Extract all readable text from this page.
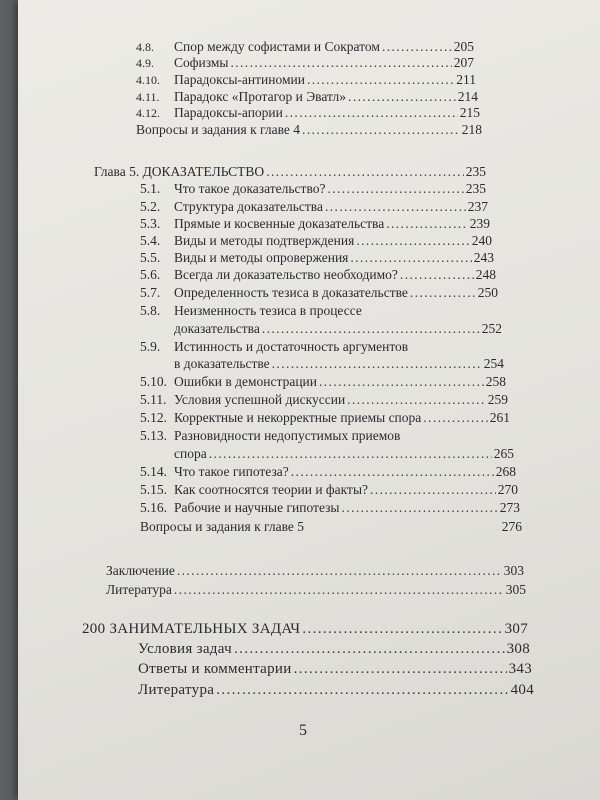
4.8.	Спор между софистами и Сократом .....	205
4.9.	Софизмы .....	207
4.10.	Парадоксы-антиномии .....	211
4.11.	Парадокс «Протагор и Эватл» .....	214
4.12.	Парадоксы-апории .....	215
Вопросы и задания к главе 4 .....	218
Глава 5. ДОКАЗАТЕЛЬСТВО .....	235
5.1.	Что такое доказательство? .....	235
5.2.	Структура доказательства .....	237
5.3.	Прямые и косвенные доказательства .....	239
5.4.	Виды и методы подтверждения .....	240
5.5.	Виды и методы опровержения .....	243
5.6.	Всегда ли доказательство необходимо? .....	248
5.7.	Определенность тезиса в доказательстве .....	250
5.8. Неизменность тезиса в процессе
доказательства .....	252
5.9. Истинность и достаточность аргументов
в доказательстве .....	254
5.10. Ошибки в демонстрации .....	258
5.11. Условия успешной дискуссии .....	259
5.12. Корректные и некорректные приемы спора .....	261
5.13. Разновидности недопустимых приемов
спора .....	265
5.14. Что такое гипотеза? .....	268
5.15. Как соотносятся теории и факты? .....	270
5.16. Рабочие и научные гипотезы .....	273
Вопросы и задания к главе 5	276
Заключение .....	303
Литература .....	305
200 ЗАНИМАТЕЛЬНЫХ ЗАДАЧ .....	307
Условия задач .....	308
Ответы и комментарии .....	343
Литература .....	404
5
